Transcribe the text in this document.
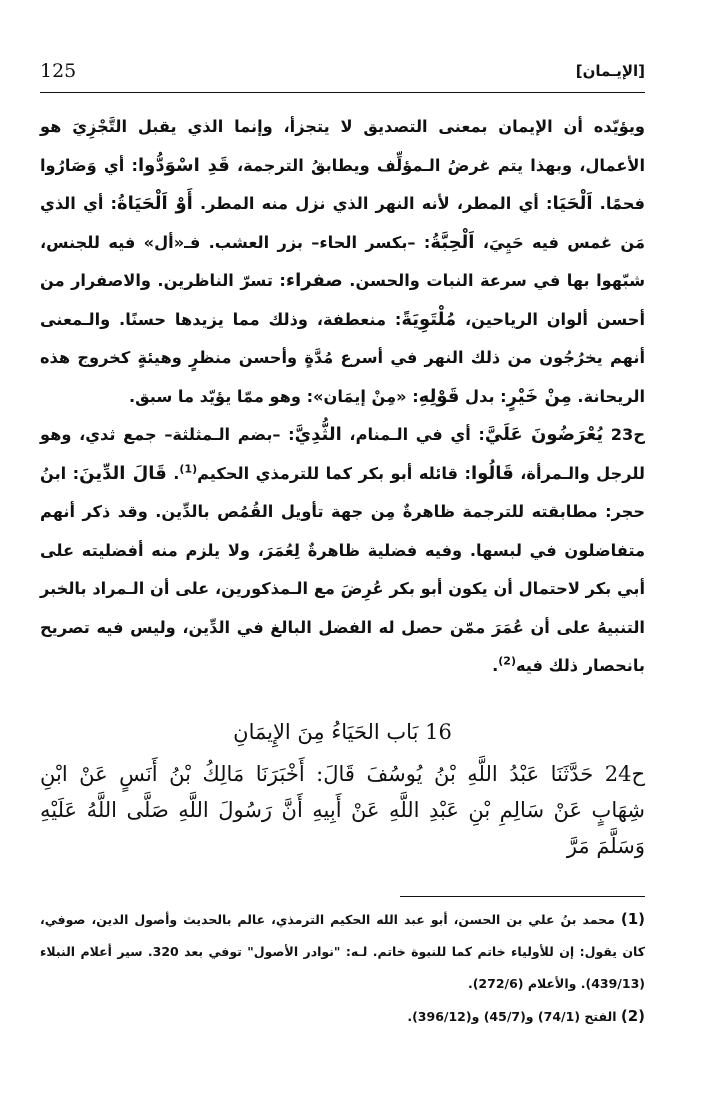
125	[الإيـمان]

ويؤيّده أن الإيمان بمعنى التصديق لا يتجزأ، وإنما الذي يقبل التَّجْزِيَ هو الأعمال، وبهذا يتم غرضُ الـمؤلِّف ويطابقُ الترجمة، قَدِ اسْوَدُّوا: أي وَصَارُوا فحمًا. اَلْحَيَا: أي المطر، لأنه النهر الذي نزل منه المطر. أَوْ اَلْحَيَاةُ: أي الذي مَن غمس فيه حَيِيَ، اَلْحِبَّةُ: –بكسر الحاء– بزر العشب. فـ«أل» فيه للجنس، شبّهوا بها في سرعة النبات والحسن. صفراء: تسرّ الناظرين. والاصفرار من أحسن ألوان الرياحين، مُلْتَوِيَةً: منعطفة، وذلك مما يزيدها حسنًا. والـمعنى أنهم يخرُجُون من ذلك النهر في أسرع مُدَّةٍ وأحسن منظرٍ وهيئةٍ كخروج هذه الريحانة. مِنْ خَيْرٍ: بدل قَوْلِهِ: «مِنْ إيمَان»: وهو ممّا يؤيّد ما سبق.

ح23 يُعْرَضُونَ عَلَيَّ: أي في الـمنام، الثُّدِيَّ: –بضم الـمثلثة– جمع ثدي، وهو للرجل والـمرأة، قَالُوا: قائله أبو بكر كما للترمذي الحكيم$^{(1)}$. قَالَ الدِّينَ: ابنُ حجر: مطابقته للترجمة ظاهرةٌ مِن جهة تأويل القُمُص بالدِّين. وقد ذكر أنهم متفاضلون في لبسها. وفيه فضلية ظاهرةٌ لِعُمَرَ، ولا يلزم منه أفضليته على أبي بكر لاحتمال أن يكون أبو بكر عُرِضَ مع الـمذكورين، على أن الـمراد بالخبر التنبيهُ على أن عُمَرَ ممّن حصل له الفضل البالغ في الدِّين، وليس فيه تصريح بانحصار ذلك فيه$^{(2)}$.

16 بَاب الحَيَاءُ مِنَ الإِيمَانِ

ح24 حَدَّثَنَا عَبْدُ اللَّهِ بْنُ يُوسُفَ قَالَ: أَخْبَرَنَا مَالِكُ بْنُ أَنَسٍ عَنْ ابْنِ شِهَابٍ عَنْ سَالِمِ بْنِ عَبْدِ اللَّهِ عَنْ أَبِيهِ أَنَّ رَسُولَ اللَّهِ صَلَّى اللَّهُ عَلَيْهِ وَسَلَّمَ مَرَّ

(1) محمد بنُ علي بن الحسن، أبو عبد الله الحكيم الترمذي، عالم بالحديث وأصول الدين، صوفي، كان يقول: إن للأولياء خاتم كما للنبوة خاتم. لـه: "نوادر الأصول" توفي بعد 320. سير أعلام النبلاء (439/13). والأعلام (272/6).

(2) الفتح (74/1) و(45/7) و(396/12).
